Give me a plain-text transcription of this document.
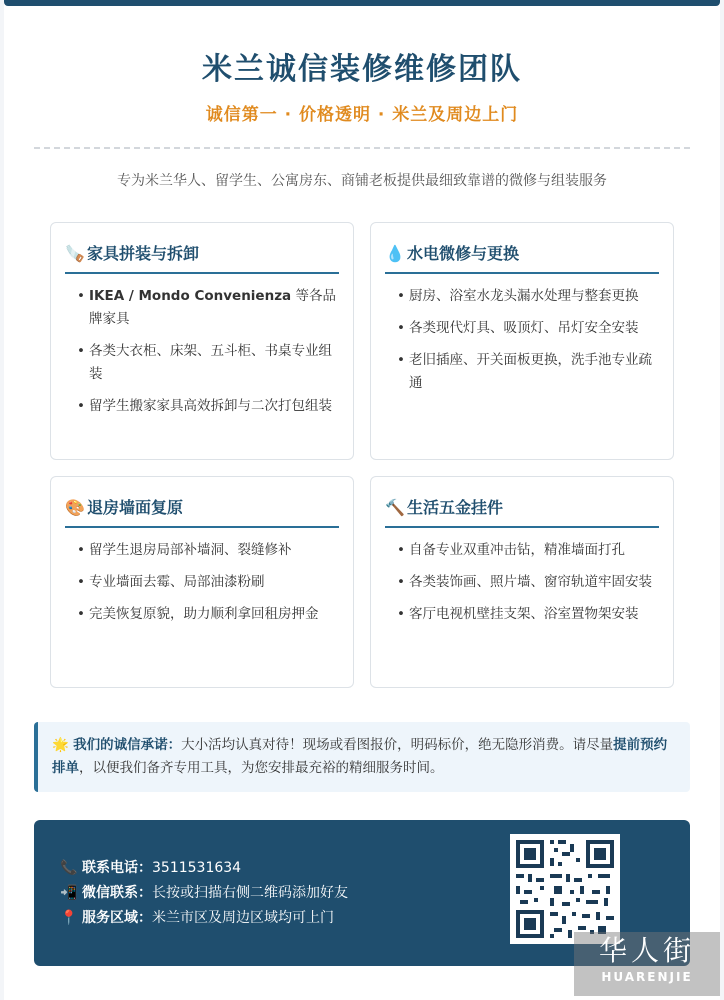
米兰诚信装修维修团队
诚信第一 · 价格透明 · 米兰及周边上门
专为米兰华人、留学生、公寓房东、商铺老板提供最细致靠谱的微修与组装服务
🪚 家具拼装与拆卸
• IKEA / Mondo Convenienza 等各品牌家具
• 各类大衣柜、床架、五斗柜、书桌专业组装
• 留学生搬家家具高效拆卸与二次打包组装
💧 水电微修与更换
• 厨房、浴室水龙头漏水处理与整套更换
• 各类现代灯具、吸顶灯、吊灯安全安装
• 老旧插座、开关面板更换，洗手池专业疏通
🎨 退房墙面复原
• 留学生退房局部补墙洞、裂缝修补
• 专业墙面去霉、局部油漆粉刷
• 完美恢复原貌，助力顺利拿回租房押金
🔨 生活五金挂件
• 自备专业双重冲击钻，精准墙面打孔
• 各类装饰画、照片墙、窗帘轨道牢固安装
• 客厅电视机壁挂支架、浴室置物架安装
🌟 我们的诚信承诺：大小活均认真对待！现场或看图报价，明码标价，绝无隐形消费。请尽量提前预约排单，以便我们备齐专用工具，为您安排最充裕的精细服务时间。
📞 联系电话：3511531634
📲 微信联系：长按或扫描右侧二维码添加好友
📍 服务区域：米兰市区及周边区域均可上门
华人街
HUARENJIE
